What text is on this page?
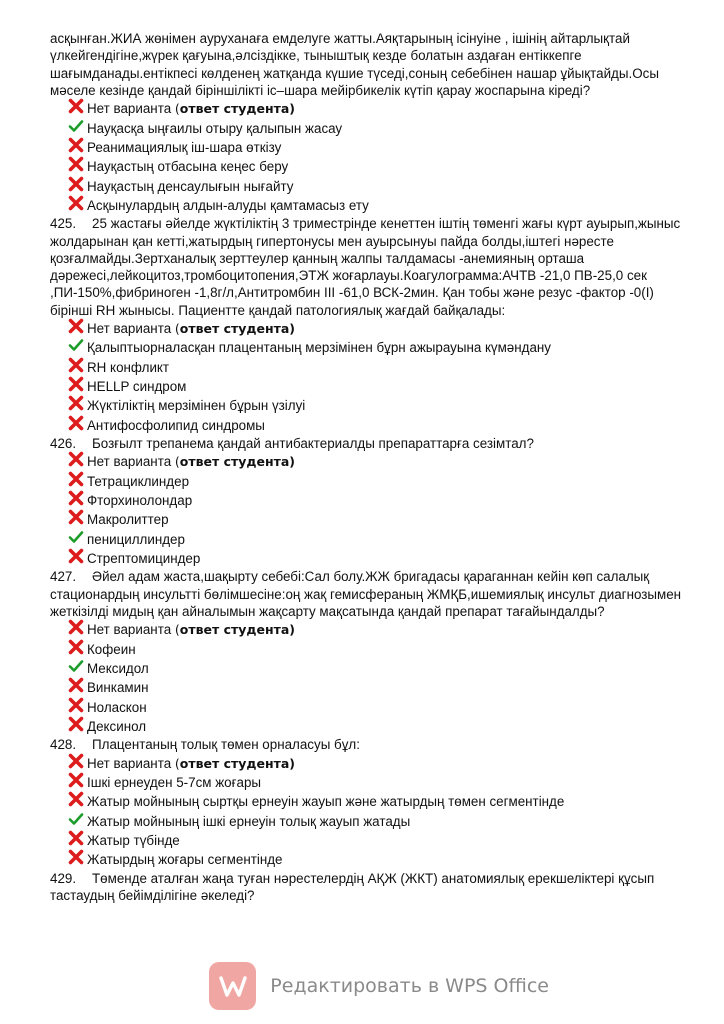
асқынған.ЖИА жөнімен ауруханаға емделуге жатты.Аяқтарының ісінуіне , ішінің айтарлықтай үлкейгендігіне,жүрек қағуына,әлсіздікке, тыныштық кезде болатын аздаған ентіккепге шағымданады.ентікпесі көлденең жатқанда күшие түседі,соның себебінен нашар ұйықтайды.Осы мәселе кезінде қандай біріншілікті іс–шара мейірбикелік күтіп қарау жоспарына кіреді?

Нет варианта (ответ студента)
Науқасқа ыңғаилы отыру қалыпын жасау
Реанимациялық іш-шара өткізу
Науқастың отбасына кеңес беру
Науқастың денсаулығын нығайту
Асқынулардың алдын-алуды қамтамасыз ету

425. 25 жастағы әйелде жүктіліктің 3 триместрінде кенеттен іштің төменгі жағы күрт ауырып,жыныс жолдарынан қан кетті,жатырдың гипертонусы мен ауырсынуы пайда болды,іштегі нәресте қозғалмайды.Зертханалық зерттеулер қанның жалпы талдамасы -анемияның орташа дәрежесі,лейкоцитоз,тромбоцитопения,ЭТЖ жоғарлауы.Коагулограмма:АЧТВ -21,0 ПВ-25,0 сек ,ПИ-150%,фибриноген -1,8г/л,Антитромбин III -61,0 ВСК-2мин. Қан тобы және резус -фактор -0(I) бірінші RH жынысы. Пациентте қандай патологиялық жағдай байқалады:

Нет варианта (ответ студента)
Қалыптыорналасқан плацентаның мерзімінен бұрн ажырауына күмәндану
RH конфликт
HELLP синдром
Жүктіліктің мерзімінен бұрын үзілуі
Антифосфолипид синдромы

426. Бозғылт трепанема қандай антибактериалды препараттарға сезімтал?

Нет варианта (ответ студента)
Тетрациклиндер
Фторхинолондар
Макролиттер
пенициллиндер
Стрептомициндер

427. Әйел адам жаста,шақырту себебі:Сал болу.ЖЖ бригадасы қараганнан кейін көп салалық стационардың инсультті бөлімшесіне:оң жақ гемисфераның ЖМҚБ,ишемиялық инсульт диагнозымен жеткізілді мидың қан айналымын жақсарту мақсатында қандай препарат тағайындалды?

Нет варианта (ответ студента)
Кофеин
Мексидол
Винкамин
Ноласкон
Дексинол

428. Плацентаның толық төмен орналасуы бұл:

Нет варианта (ответ студента)
Ішкі ернеуден 5-7см жоғары
Жатыр мойнының сыртқы ернеуін жауып және жатырдың төмен сегментінде
Жатыр мойнының ішкі ернеуін толық жауып жатады
Жатыр түбінде
Жатырдың жоғары сегментінде

429. Төменде аталған жаңа туған нәрестелердің АҚЖ (ЖКТ) анатомиялық ерекшеліктері құсып тастаудың бейімділігіне әкеледі?

Редактировать в WPS Office
